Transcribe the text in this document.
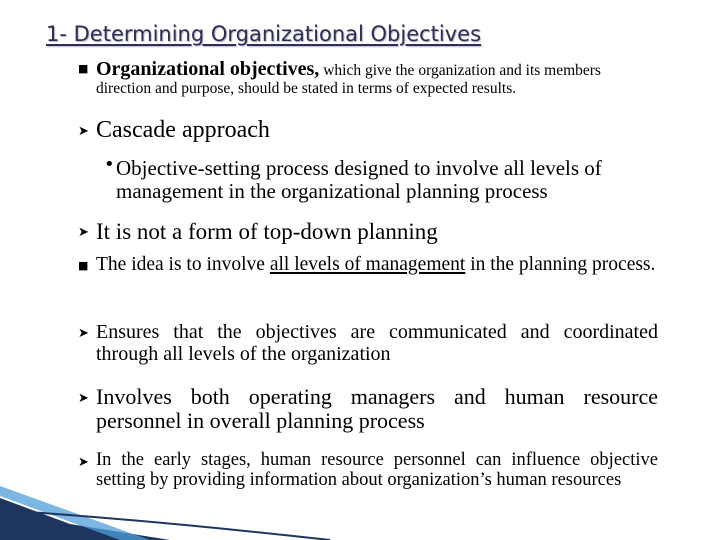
1- Determining Organizational Objectives
■ Organizational objectives, which give the organization and its members direction and purpose, should be stated in terms of expected results.
➤ Cascade approach
• Objective-setting process designed to involve all levels of management in the organizational planning process
➤ It is not a form of top-down planning
■ The idea is to involve all levels of management in the planning process.
➤ Ensures that the objectives are communicated and coordinated through all levels of the organization
➤ Involves both operating managers and human resource personnel in overall planning process
➤ In the early stages, human resource personnel can influence objective setting by providing information about organization’s human resources
